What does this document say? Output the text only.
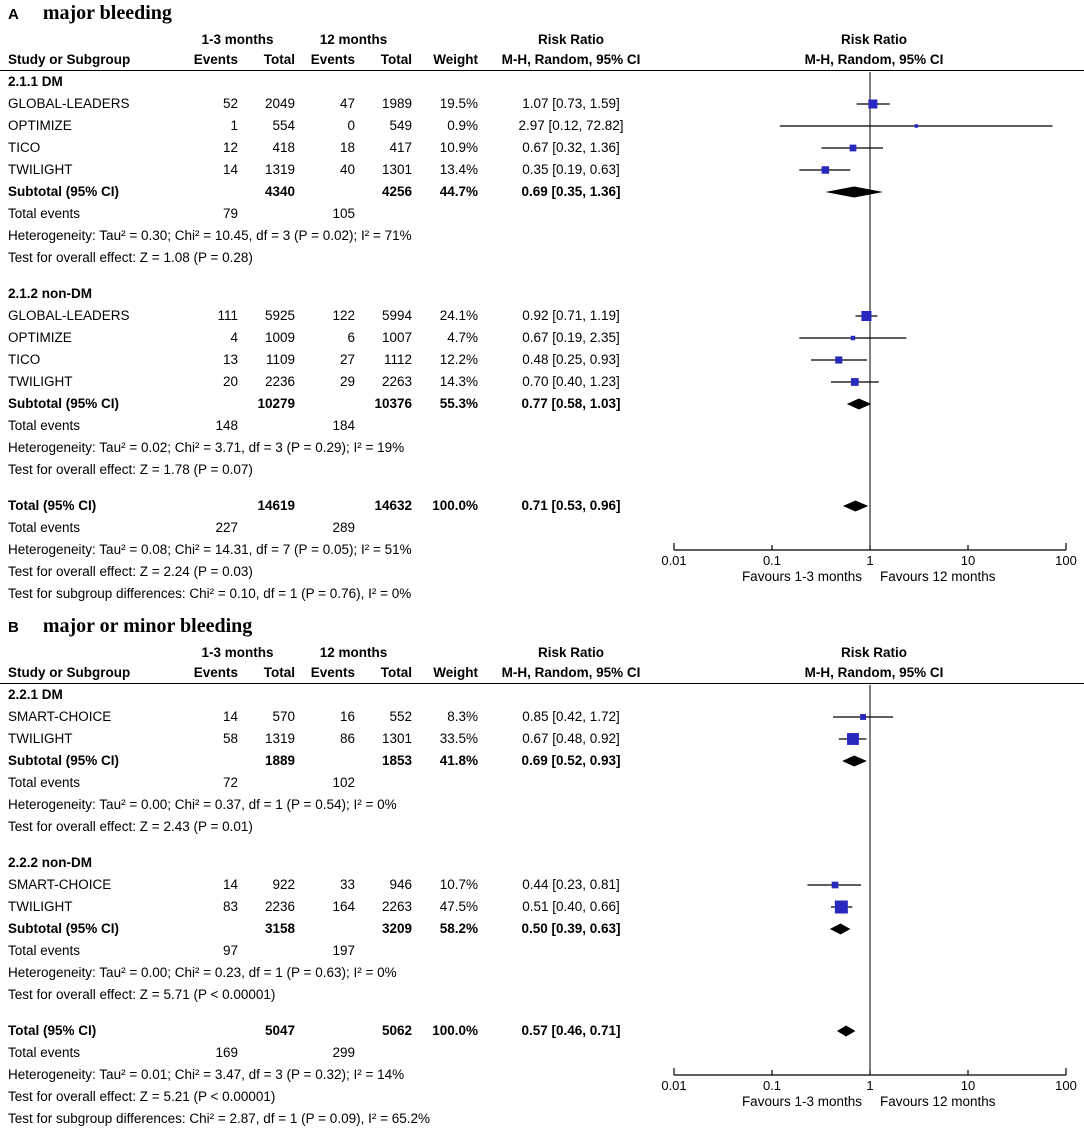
A major bleeding
1-3 months	12 months	Risk Ratio	Risk Ratio
Study or Subgroup	Events	Total	Events	Total	Weight	M-H, Random, 95% CI	M-H, Random, 95% CI
2.1.1 DM
GLOBAL-LEADERS	52	2049	47	1989	19.5%	1.07 [0.73, 1.59]
OPTIMIZE	1	554	0	549	0.9%	2.97 [0.12, 72.82]
TICO	12	418	18	417	10.9%	0.67 [0.32, 1.36]
TWILIGHT	14	1319	40	1301	13.4%	0.35 [0.19, 0.63]
Subtotal (95% CI)	4340	4256	44.7%	0.69 [0.35, 1.36]
Total events	79	105
Heterogeneity: Tau² = 0.30; Chi² = 10.45, df = 3 (P = 0.02); I² = 71%
Test for overall effect: Z = 1.08 (P = 0.28)
2.1.2 non-DM
GLOBAL-LEADERS	111	5925	122	5994	24.1%	0.92 [0.71, 1.19]
OPTIMIZE	4	1009	6	1007	4.7%	0.67 [0.19, 2.35]
TICO	13	1109	27	1112	12.2%	0.48 [0.25, 0.93]
TWILIGHT	20	2236	29	2263	14.3%	0.70 [0.40, 1.23]
Subtotal (95% CI)	10279	10376	55.3%	0.77 [0.58, 1.03]
Total events	148	184
Heterogeneity: Tau² = 0.02; Chi² = 3.71, df = 3 (P = 0.29); I² = 19%
Test for overall effect: Z = 1.78 (P = 0.07)
Total (95% CI)	14619	14632	100.0%	0.71 [0.53, 0.96]
Total events	227	289
Heterogeneity: Tau² = 0.08; Chi² = 14.31, df = 7 (P = 0.05); I² = 51%
Test for overall effect: Z = 2.24 (P = 0.03)
Test for subgroup differences: Chi² = 0.10, df = 1 (P = 0.76), I² = 0%
0.01	0.1	1	10	100
Favours 1-3 months Favours 12 months
B major or minor bleeding
1-3 months	12 months	Risk Ratio	Risk Ratio
Study or Subgroup	Events	Total	Events	Total	Weight	M-H, Random, 95% CI	M-H, Random, 95% CI
2.2.1 DM
SMART-CHOICE	14	570	16	552	8.3%	0.85 [0.42, 1.72]
TWILIGHT	58	1319	86	1301	33.5%	0.67 [0.48, 0.92]
Subtotal (95% CI)	1889	1853	41.8%	0.69 [0.52, 0.93]
Total events	72	102
Heterogeneity: Tau² = 0.00; Chi² = 0.37, df = 1 (P = 0.54); I² = 0%
Test for overall effect: Z = 2.43 (P = 0.01)
2.2.2 non-DM
SMART-CHOICE	14	922	33	946	10.7%	0.44 [0.23, 0.81]
TWILIGHT	83	2236	164	2263	47.5%	0.51 [0.40, 0.66]
Subtotal (95% CI)	3158	3209	58.2%	0.50 [0.39, 0.63]
Total events	97	197
Heterogeneity: Tau² = 0.00; Chi² = 0.23, df = 1 (P = 0.63); I² = 0%
Test for overall effect: Z = 5.71 (P < 0.00001)
Total (95% CI)	5047	5062	100.0%	0.57 [0.46, 0.71]
Total events	169	299
Heterogeneity: Tau² = 0.01; Chi² = 3.47, df = 3 (P = 0.32); I² = 14%
Test for overall effect: Z = 5.21 (P < 0.00001)
Test for subgroup differences: Chi² = 2.87, df = 1 (P = 0.09), I² = 65.2%
0.01	0.1	1	10	100
Favours 1-3 months Favours 12 months
